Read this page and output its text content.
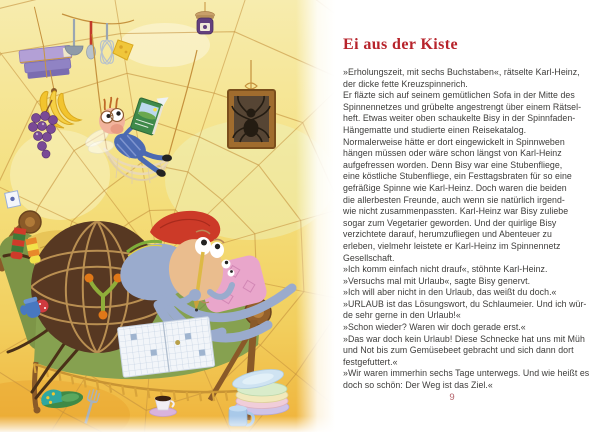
Ei aus der Kiste
»Erholungszeit, mit sechs Buchstaben«, rätselte Karl-Heinz,
der dicke fette Kreuzspinnerich.
Er fläzte sich auf seinem gemütlichen Sofa in der Mitte des
Spinnennetzes und grübelte angestrengt über einem Rätsel-
heft. Etwas weiter oben schaukelte Bisy in der Spinnfaden-
Hängematte und studierte einen Reisekatalog.
Normalerweise hätte er dort eingewickelt in Spinnweben
hängen müssen oder wäre schon längst von Karl-Heinz
aufgefressen worden. Denn Bisy war eine Stubenfliege,
eine köstliche Stubenfliege, ein Festtagsbraten für so eine
gefräßige Spinne wie Karl-Heinz. Doch waren die beiden
die allerbesten Freunde, auch wenn sie natürlich irgend-
wie nicht zusammenpassten. Karl-Heinz war Bisy zuliebe
sogar zum Vegetarier geworden. Und der quirlige Bisy
verzichtete darauf, herumzufliegen und Abenteuer zu
erleben, vielmehr leistete er Karl-Heinz im Spinnennetz
Gesellschaft.
»Ich komm einfach nicht drauf«, stöhnte Karl-Heinz.
»Versuchs mal mit Urlaub«, sagte Bisy genervt.
»Ich will aber nicht in den Urlaub, das weißt du doch.«
»URLAUB ist das Lösungswort, du Schlaumeier. Und ich wür-
de sehr gerne in den Urlaub!«
»Schon wieder? Waren wir doch gerade erst.«
»Das war doch kein Urlaub! Diese Schnecke hat uns mit Müh
und Not bis zum Gemüsebeet gebracht und sich dann dort
festgefuttert.«
»Wir waren immerhin sechs Tage unterwegs. Und wie heißt es
doch so schön: Der Weg ist das Ziel.«
9
